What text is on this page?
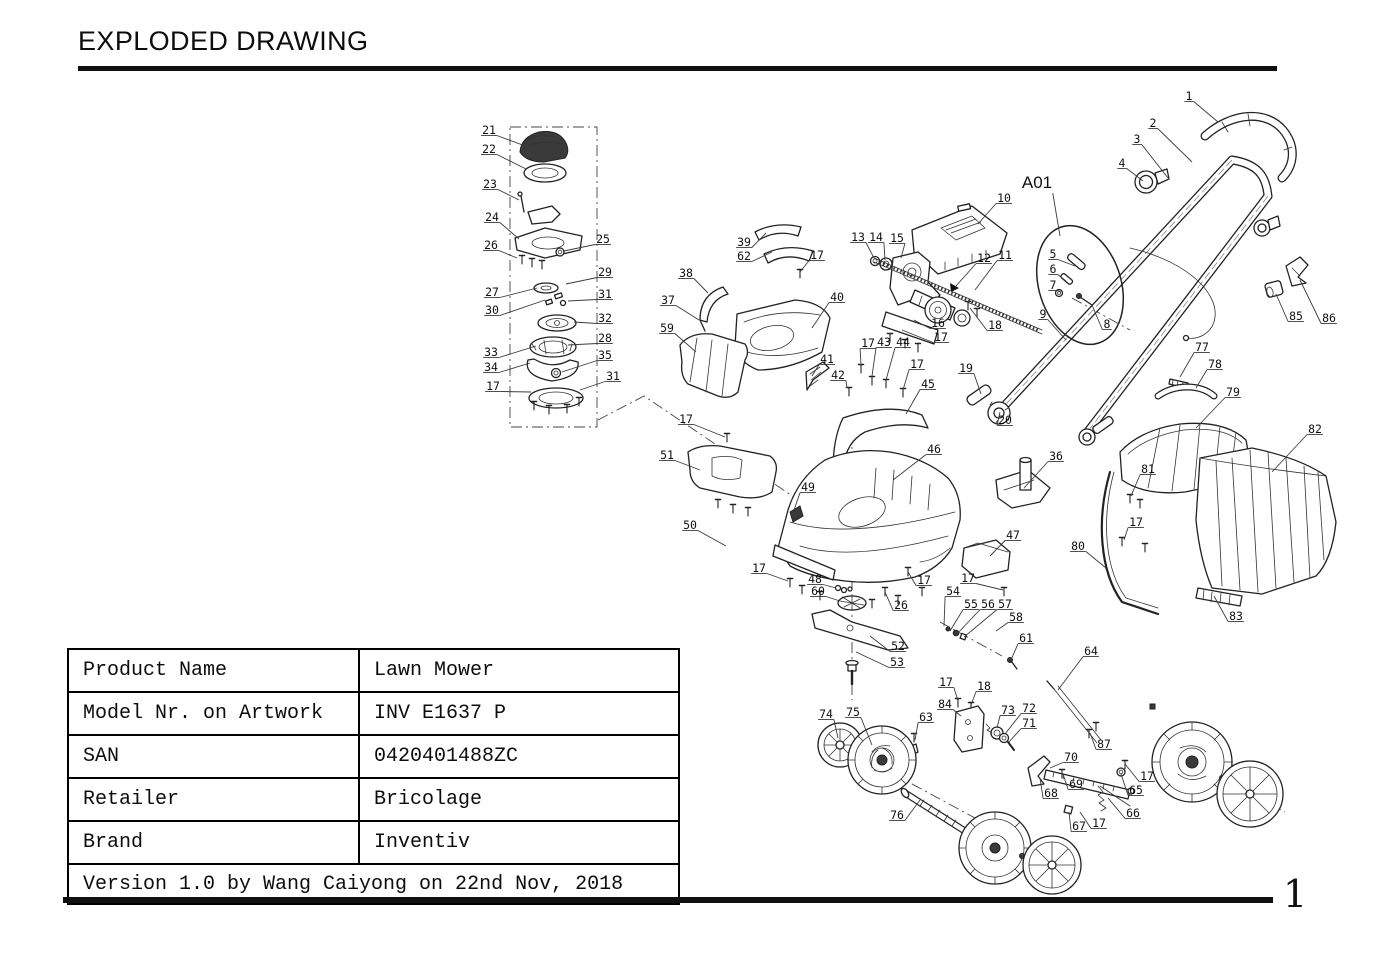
EXPLODED DRAWING
A01
1
2
3
4
5
6
7
8
9
10
11
12
13 14 15
16
17
18
19
20
39
62	17
38
37	40
59
41
42
17 43 44
17
45
77
78
79
85 86
17
82
51	46	36
49
81
50	17
80
17
47
17
48
60
17
26
54
55 56 57
58	83
52
53
61
64
17 18
84
74 75	73 72
71
63
87
70
17
65
68
69
66
76
67 17
21
22
23
24
26	25
27
29
30
31
32
33
28
34
35
17
31
Product Name	Lawn Mower
Model Nr. on Artwork	INV E1637 P
SAN	0420401488ZC
Retailer	Bricolage
Brand	Inventiv
Version 1.0 by Wang Caiyong on 22nd Nov, 2018		1
